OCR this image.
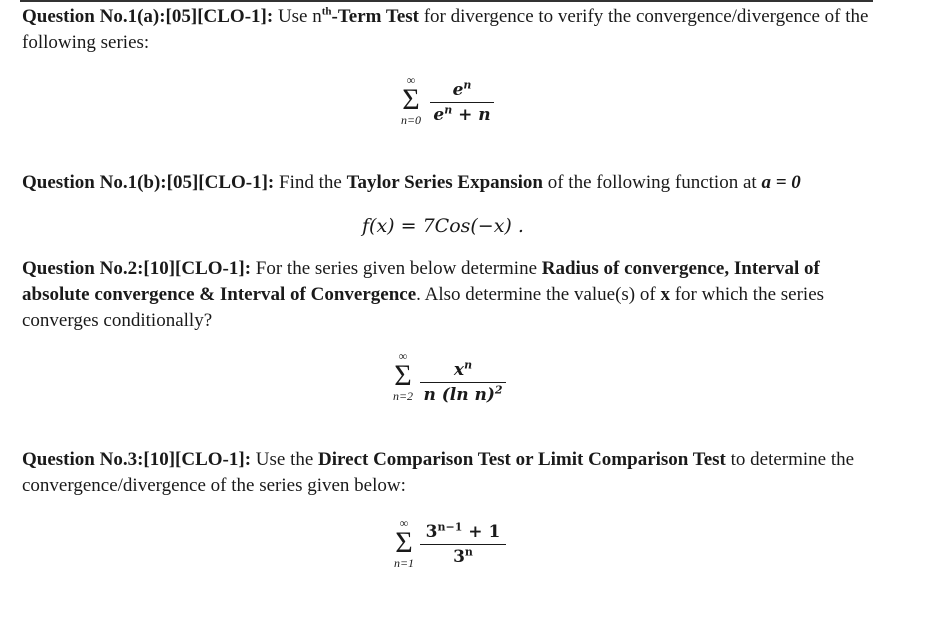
Question No.1(a):[05][CLO-1]: Use $n^{th}$-Term Test for divergence to verify the convergence/divergence of the following series:
∞
Σ
n=0
$e^n$
$e^n + n$
Question No.1(b):[05][CLO-1]: Find the Taylor Series Expansion of the following function at a = 0
f(x) = 7Cos(−x) .
Question No.2:[10][CLO-1]: For the series given below determine Radius of convergence, Interval of absolute convergence & Interval of Convergence. Also determine the value(s) of x for which the series converges conditionally?
∞
Σ
n=2
$x^n$
n (ln n)$^2$
Question No.3:[10][CLO-1]: Use the Direct Comparison Test or Limit Comparison Test to determine the convergence/divergence of the series given below:
∞
Σ
n=1
$3^{n-1} + 1$
3$^n$
